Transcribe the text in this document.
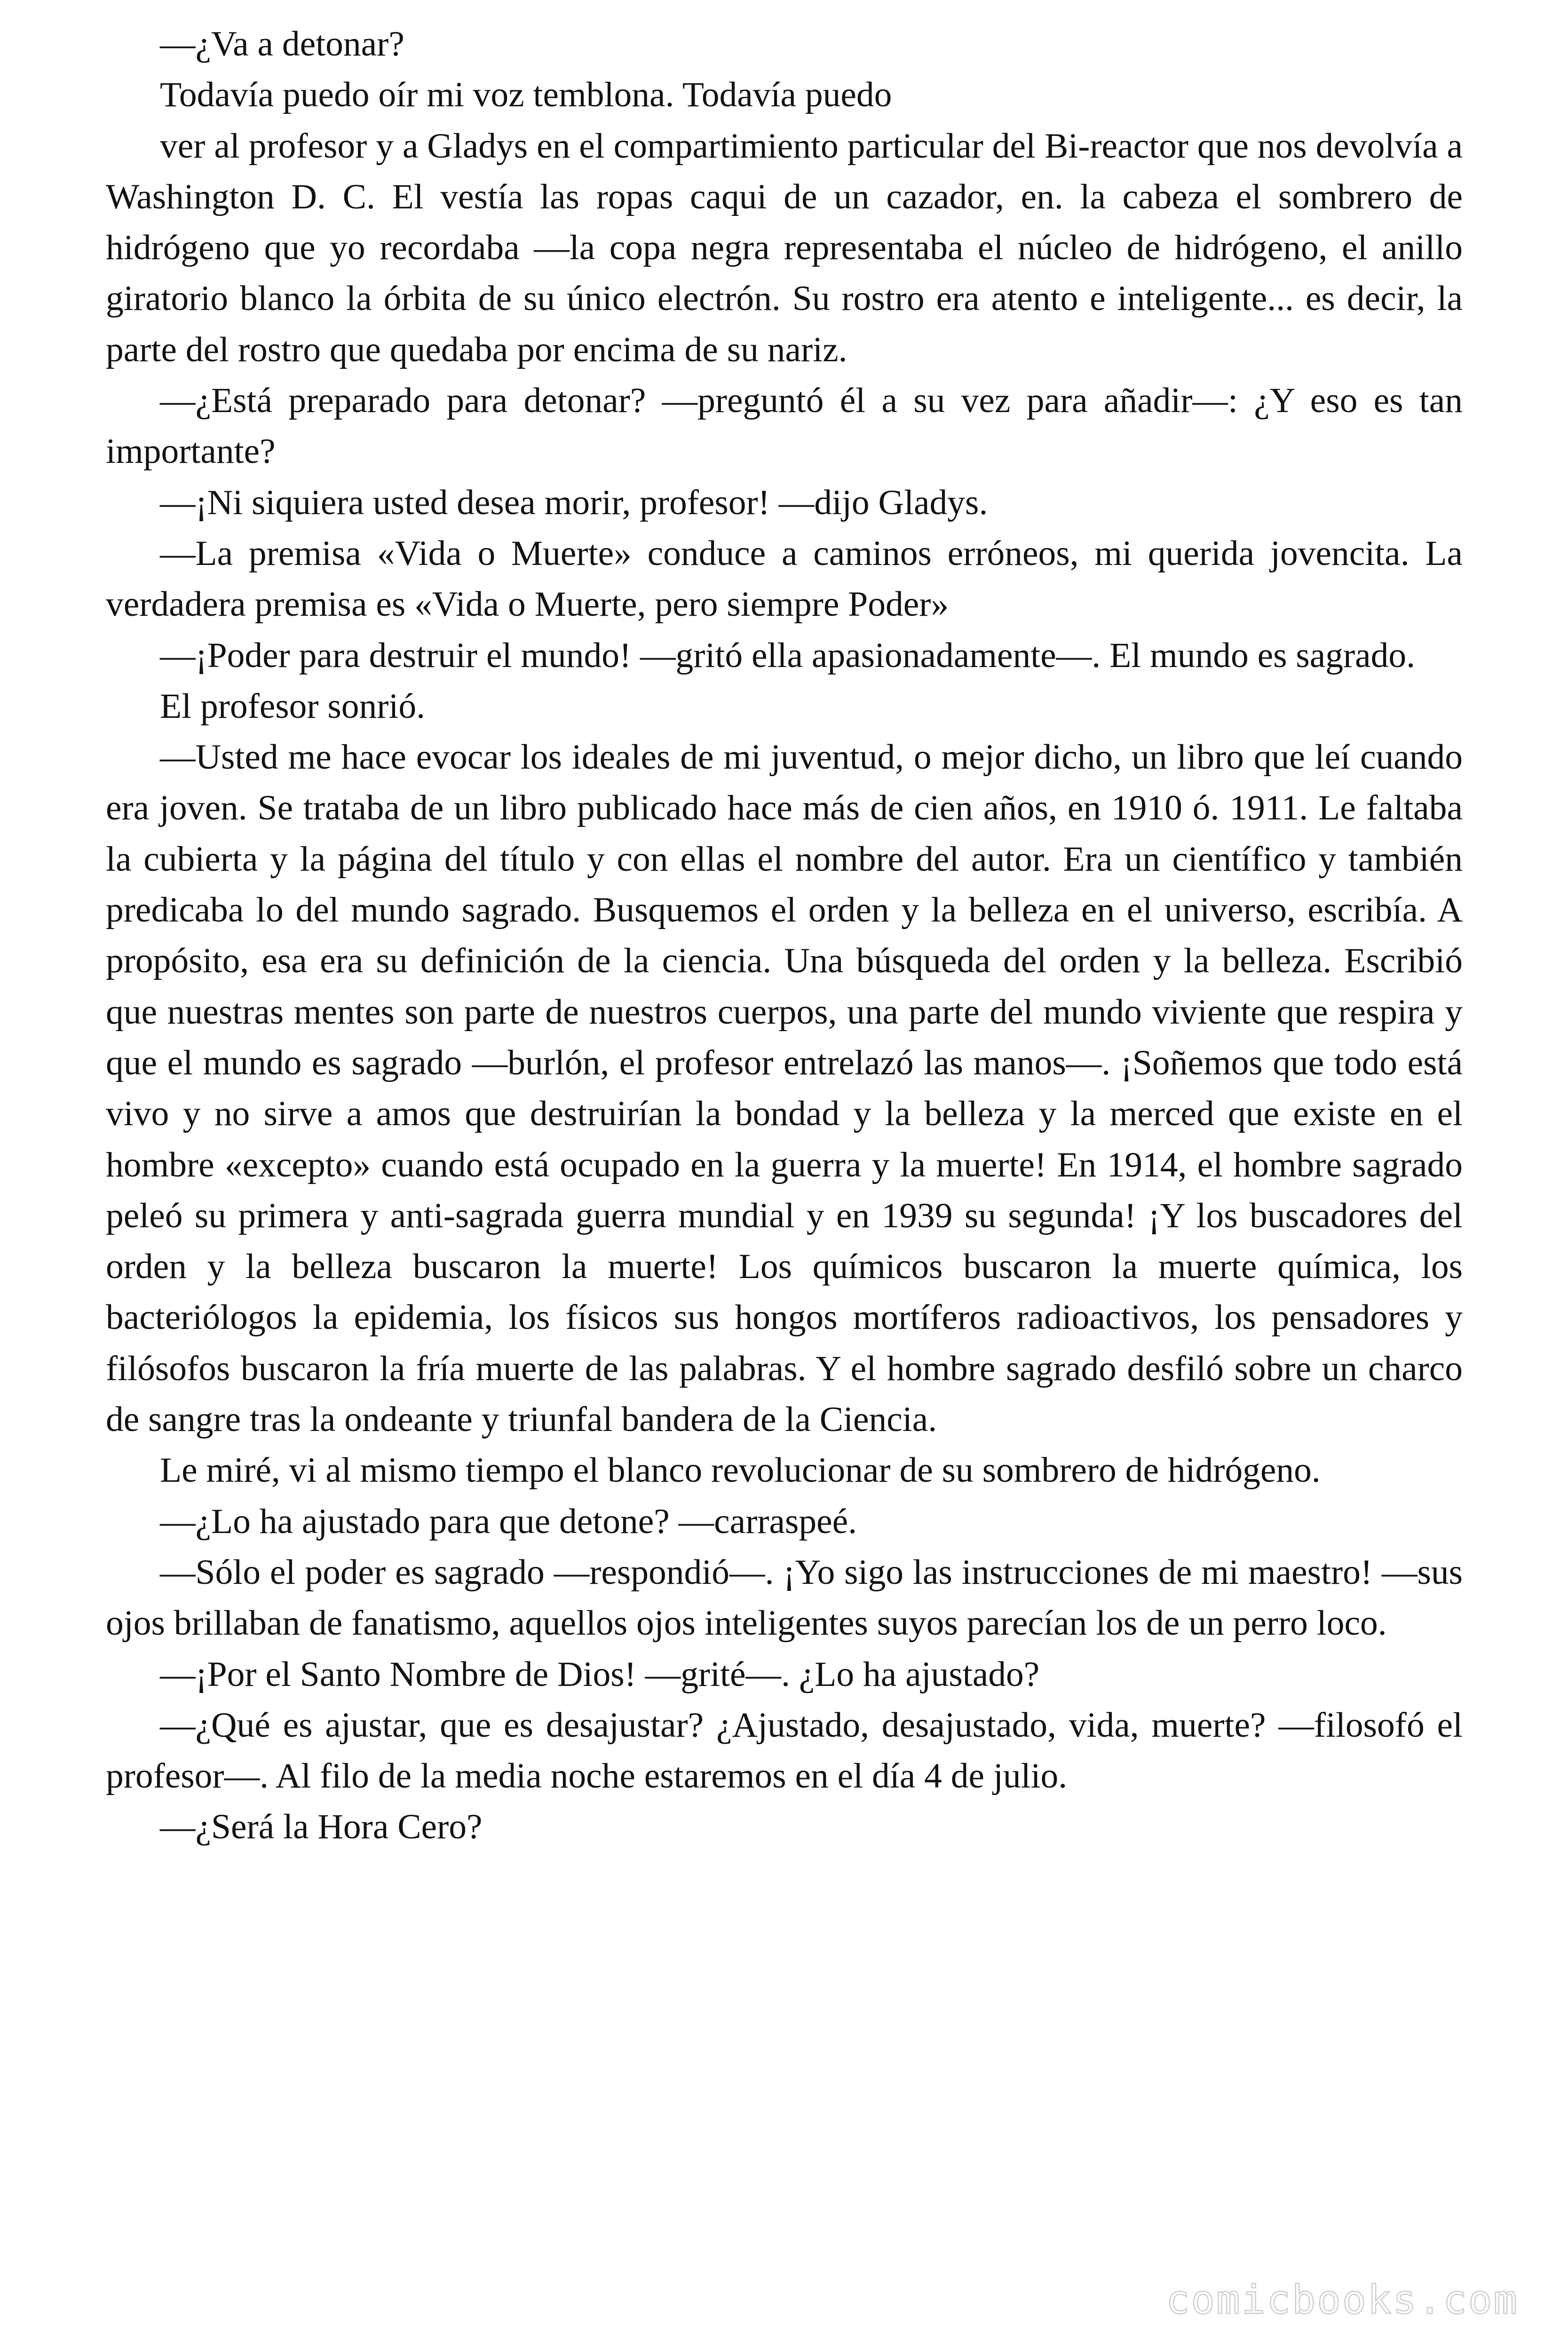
—¿Va a detonar?

Todavía puedo oír mi voz temblona. Todavía puedo

ver al profesor y a Gladys en el compartimiento particular del Bi-reactor que nos devolvía a Washington D. C. El vestía las ropas caqui de un cazador, en. la cabeza el sombrero de hidrógeno que yo recordaba —la copa negra representaba el núcleo de hidrógeno, el anillo giratorio blanco la órbita de su único electrón. Su rostro era atento e inteligente... es decir, la parte del rostro que quedaba por encima de su nariz.

—¿Está preparado para detonar? —preguntó él a su vez para añadir—: ¿Y eso es tan importante?

—¡Ni siquiera usted desea morir, profesor! —dijo Gladys.

—La premisa «Vida o Muerte» conduce a caminos erróneos, mi querida jovencita. La verdadera premisa es «Vida o Muerte, pero siempre Poder»

—¡Poder para destruir el mundo! —gritó ella apasionadamente—. El mundo es sagrado.

El profesor sonrió.

—Usted me hace evocar los ideales de mi juventud, o mejor dicho, un libro que leí cuando era joven. Se trataba de un libro publicado hace más de cien años, en 1910 ó. 1911. Le faltaba la cubierta y la página del título y con ellas el nombre del autor. Era un científico y también predicaba lo del mundo sagrado. Busquemos el orden y la belleza en el universo, escribía. A propósito, esa era su definición de la ciencia. Una búsqueda del orden y la belleza. Escribió que nuestras mentes son parte de nuestros cuerpos, una parte del mundo viviente que respira y que el mundo es sagrado —burlón, el profesor entrelazó las manos—. ¡Soñemos que todo está vivo y no sirve a amos que destruirían la bondad y la belleza y la merced que existe en el hombre «excepto» cuando está ocupado en la guerra y la muerte! En 1914, el hombre sagrado peleó su primera y anti-sagrada guerra mundial y en 1939 su segunda! ¡Y los buscadores del orden y la belleza buscaron la muerte! Los químicos buscaron la muerte química, los bacteriólogos la epidemia, los físicos sus hongos mortíferos radioactivos, los pensadores y filósofos buscaron la fría muerte de las palabras. Y el hombre sagrado desfiló sobre un charco de sangre tras la ondeante y triunfal bandera de la Ciencia.

Le miré, vi al mismo tiempo el blanco revolucionar de su sombrero de hidrógeno.

—¿Lo ha ajustado para que detone? —carraspeé.

—Sólo el poder es sagrado —respondió—. ¡Yo sigo las instrucciones de mi maestro! —sus ojos brillaban de fanatismo, aquellos ojos inteligentes suyos parecían los de un perro loco.

—¡Por el Santo Nombre de Dios! —grité—. ¿Lo ha ajustado?

—¿Qué es ajustar, que es desajustar? ¿Ajustado, desajustado, vida, muerte? —filosofó el profesor—. Al filo de la media noche estaremos en el día 4 de julio.

—¿Será la Hora Cero?

comicbooks.com
